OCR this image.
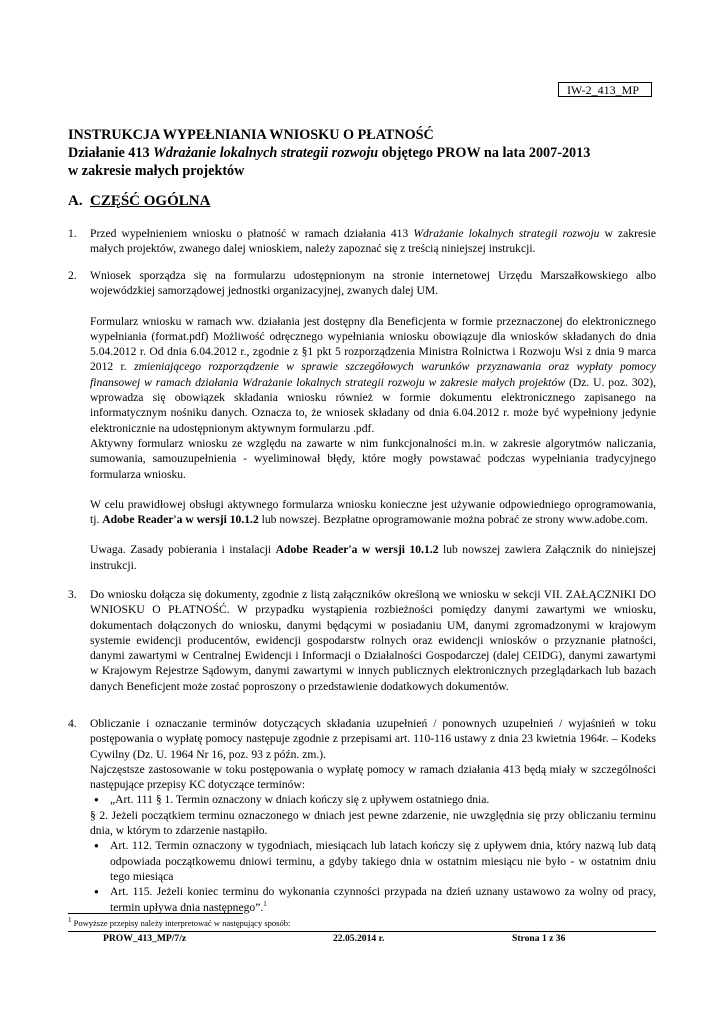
IW-2_413_MP
INSTRUKCJA WYPEŁNIANIA WNIOSKU O PŁATNOŚĆ
Działanie 413 Wdrażanie lokalnych strategii rozwoju objętego PROW na lata 2007-2013
w zakresie małych projektów
A. CZĘŚĆ OGÓLNA
1.	Przed wypełnieniem wniosku o płatność w ramach działania 413 Wdrażanie lokalnych strategii rozwoju w zakresie małych projektów, zwanego dalej wnioskiem, należy zapoznać się z treścią niniejszej instrukcji.

2.	Wniosek sporządza się na formularzu udostępnionym na stronie internetowej Urzędu Marszałkowskiego albo wojewódzkiej samorządowej jednostki organizacyjnej, zwanych dalej UM.

Formularz wniosku w ramach ww. działania jest dostępny dla Beneficjenta w formie przeznaczonej do elektronicznego wypełniania (format.pdf) Możliwość odręcznego wypełniania wniosku obowiązuje dla wniosków składanych do dnia 5.04.2012 r. Od dnia 6.04.2012 r., zgodnie z §1 pkt 5 rozporządzenia Ministra Rolnictwa i Rozwoju Wsi z dnia 9 marca 2012 r. zmieniającego rozporządzenie w sprawie szczegółowych warunków przyznawania oraz wypłaty pomocy finansowej w ramach działania Wdrażanie lokalnych strategii rozwoju w zakresie małych projektów (Dz. U. poz. 302), wprowadza się obowiązek składania wniosku również w formie dokumentu elektronicznego zapisanego na informatycznym nośniku danych. Oznacza to, że wniosek składany od dnia 6.04.2012 r. może być wypełniony jedynie elektronicznie na udostępnionym aktywnym formularzu .pdf.

Aktywny formularz wniosku ze względu na zawarte w nim funkcjonalności m.in. w zakresie algorytmów naliczania, sumowania, samouzupełnienia - wyeliminował błędy, które mogły powstawać podczas wypełniania tradycyjnego formularza wniosku.

W celu prawidłowej obsługi aktywnego formularza wniosku konieczne jest używanie odpowiedniego oprogramowania, tj. Adobe Reader'a w wersji 10.1.2 lub nowszej. Bezpłatne oprogramowanie można pobrać ze strony www.adobe.com.

Uwaga. Zasady pobierania i instalacji Adobe Reader'a w wersji 10.1.2 lub nowszej zawiera Załącznik do niniejszej instrukcji.

3.	Do wniosku dołącza się dokumenty, zgodnie z listą załączników określoną we wniosku w sekcji VII. ZAŁĄCZNIKI DO WNIOSKU O PŁATNOŚĆ. W przypadku wystąpienia rozbieżności pomiędzy danymi zawartymi we wniosku, dokumentach dołączonych do wniosku, danymi będącymi w posiadaniu UM, danymi zgromadzonymi w krajowym systemie ewidencji producentów, ewidencji gospodarstw rolnych oraz ewidencji wniosków o przyznanie płatności, danymi zawartymi w Centralnej Ewidencji i Informacji o Działalności Gospodarczej (dalej CEIDG), danymi zawartymi w Krajowym Rejestrze Sądowym, danymi zawartymi w innych publicznych elektronicznych przeglądarkach lub bazach danych Beneficjent może zostać poproszony o przedstawienie dodatkowych dokumentów.

4.	Obliczanie i oznaczanie terminów dotyczących składania uzupełnień / ponownych uzupełnień / wyjaśnień w toku postępowania o wypłatę pomocy następuje zgodnie z przepisami art. 110-116 ustawy z dnia 23 kwietnia 1964r. – Kodeks Cywilny (Dz. U. 1964 Nr 16, poz. 93 z późn. zm.).

Najczęstsze zastosowanie w toku postępowania o wypłatę pomocy w ramach działania 413 będą miały w szczególności następujące przepisy KC dotyczące terminów:

● „Art. 111 § 1. Termin oznaczony w dniach kończy się z upływem ostatniego dnia.

§ 2. Jeżeli początkiem terminu oznaczonego w dniach jest pewne zdarzenie, nie uwzględnia się przy obliczaniu terminu dnia, w którym to zdarzenie nastąpiło.

● Art. 112. Termin oznaczony w tygodniach, miesiącach lub latach kończy się z upływem dnia, który nazwą lub datą odpowiada początkowemu dniowi terminu, a gdyby takiego dnia w ostatnim miesiącu nie było - w ostatnim dniu tego miesiąca

● Art. 115. Jeżeli koniec terminu do wykonania czynności przypada na dzień uznany ustawowo za wolny od pracy, termin upływa dnia następnego”.$^1$

$^1$ Powyższe przepisy należy interpretować w następujący sposób:
PROW_413_MP/7/z	22.05.2014 r.	Strona 1 z 36
